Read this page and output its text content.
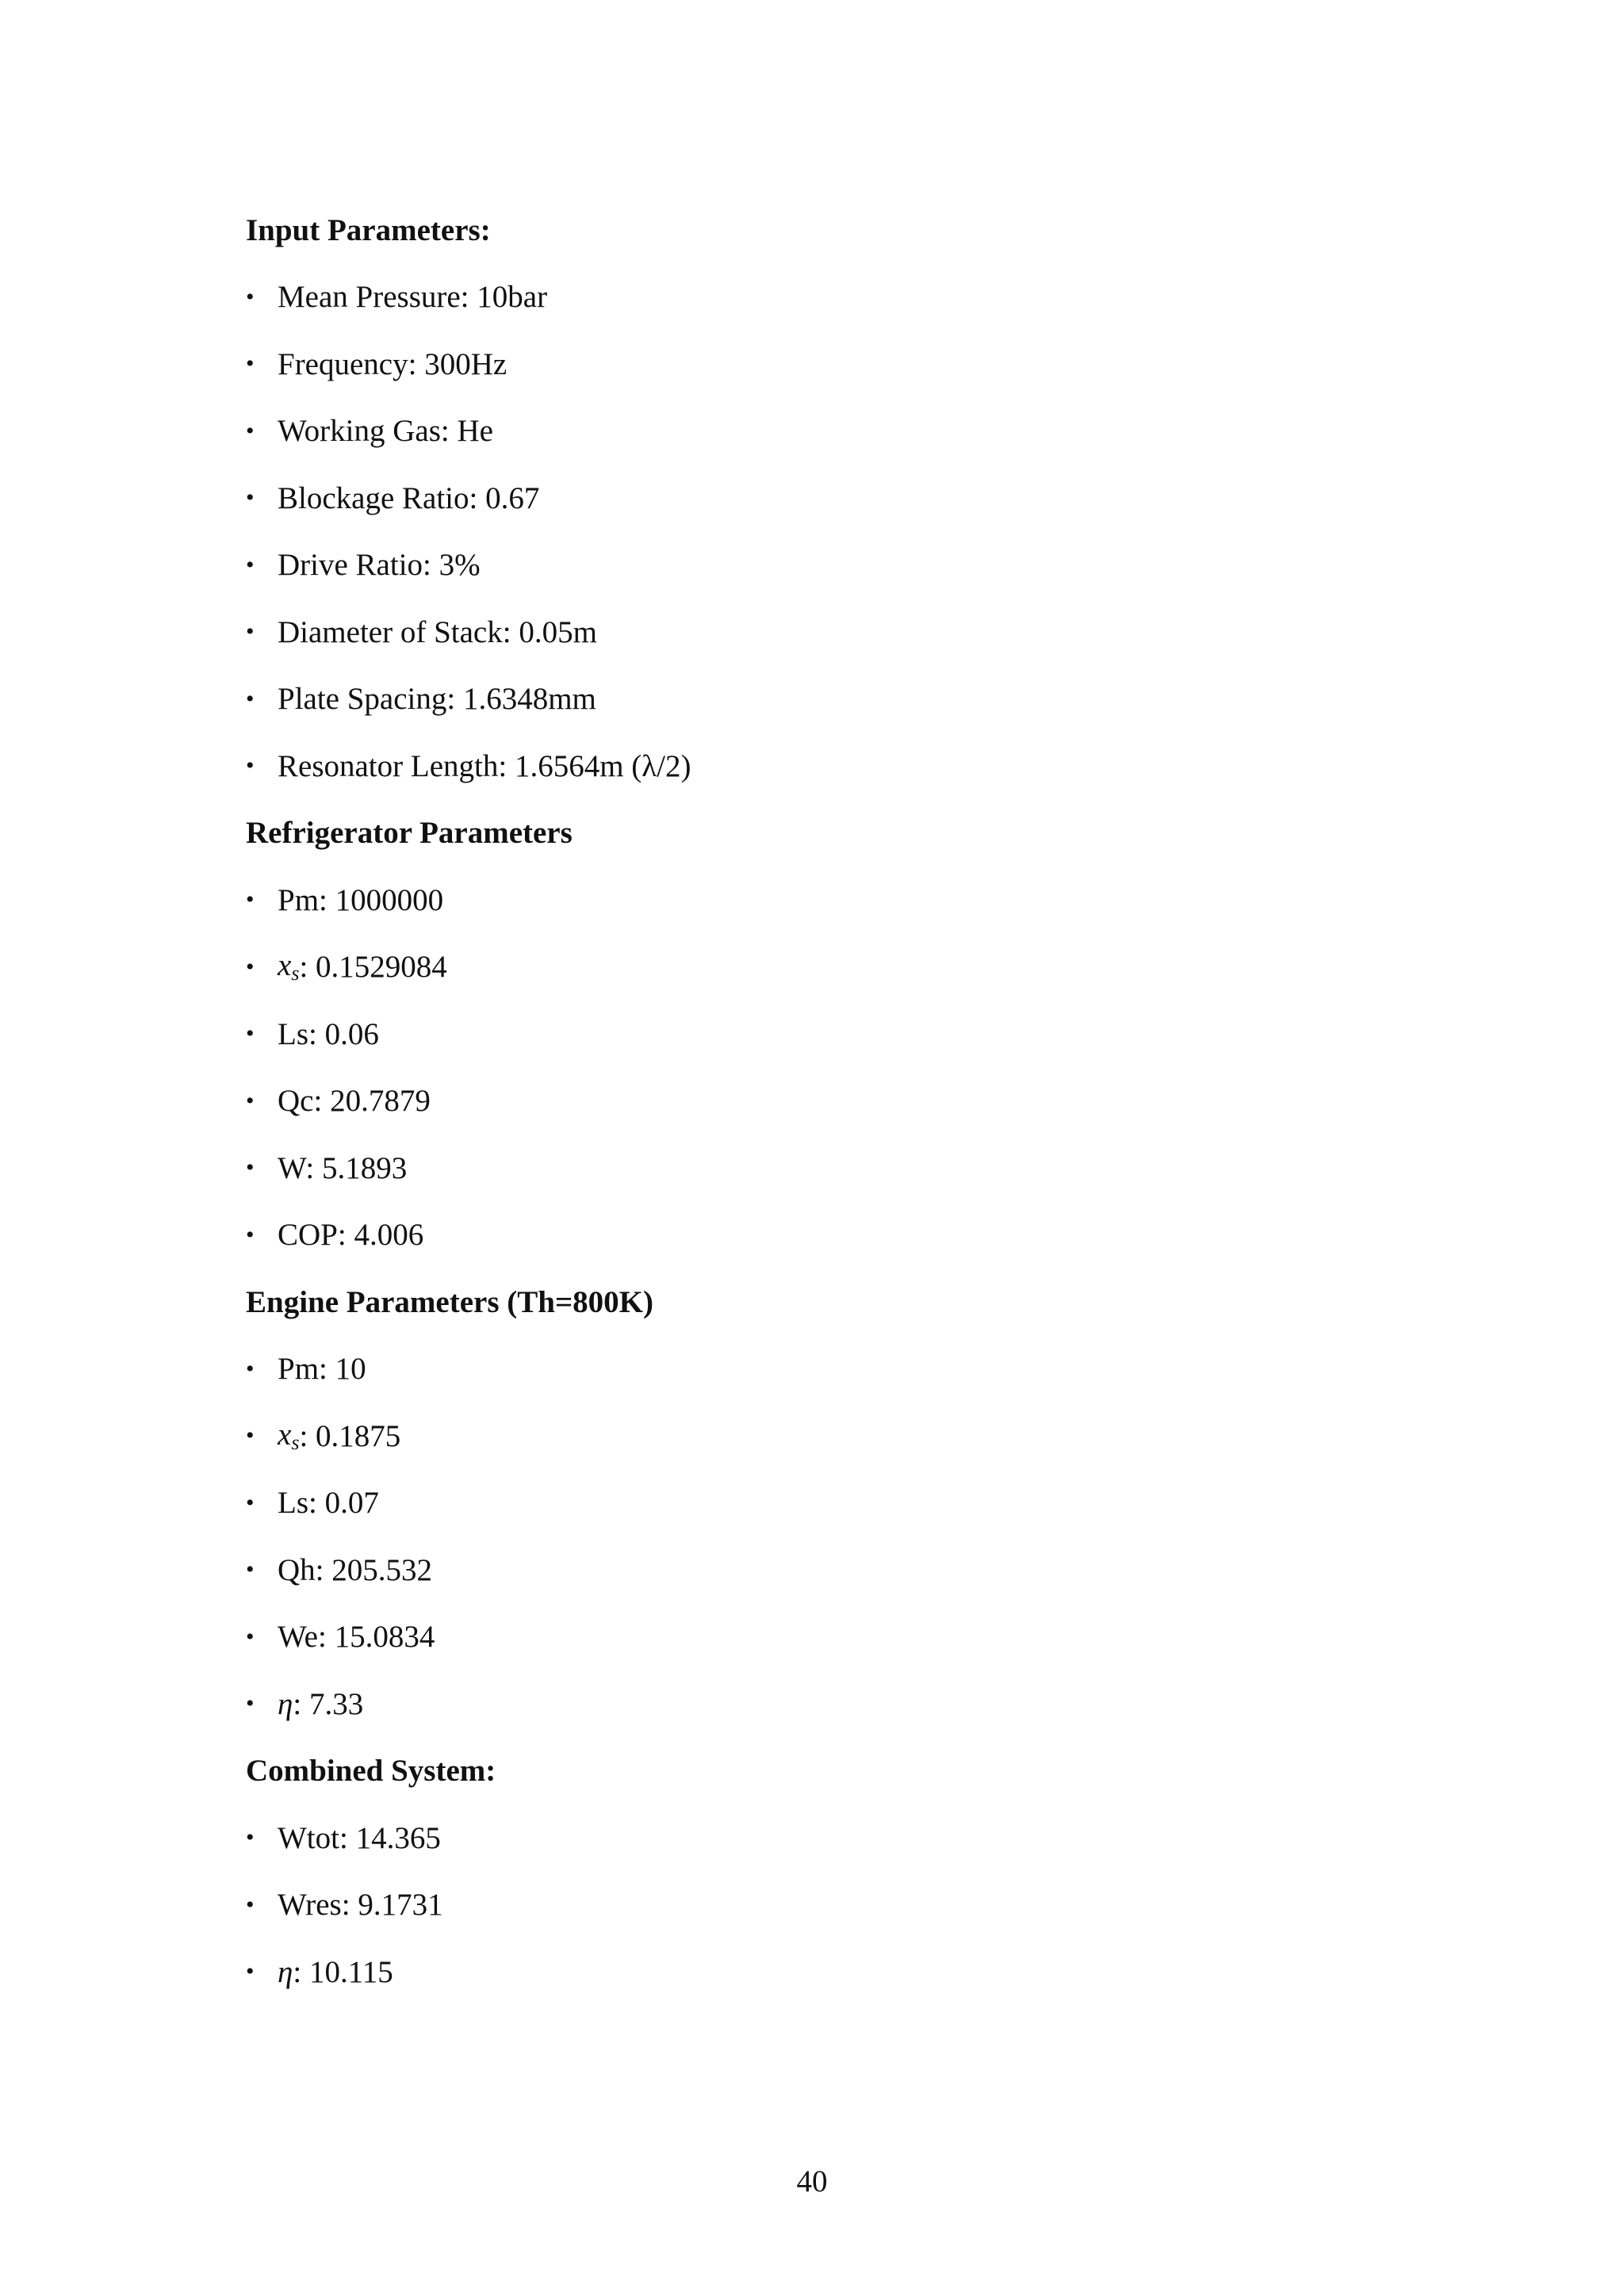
Input Parameters:
• Mean Pressure:
10bar
• Frequency:
300Hz
• Working Gas:
He
• Blockage Ratio:
0.67
• Drive Ratio:
3%
• Diameter of Stack:
0.05m
• Plate Spacing:
1.6348mm
• Resonator Length:
1.6564m (λ/2)
Refrigerator Parameters
• Pm:
1000000
• $x_s$ :
0.1529084
• Ls:
0.06
• Qc:
20.7879
• W:
5.1893
• COP:
4.006
Engine Parameters (Th=800K)
• Pm:
10
• $x_s$ :
0.1875
• Ls:
0.07
• Qh:
205.532
• We:
15.0834
• η :
7.33
Combined System:
• Wtot:
14.365
• Wres:
9.1731
• η :
10.115
40
